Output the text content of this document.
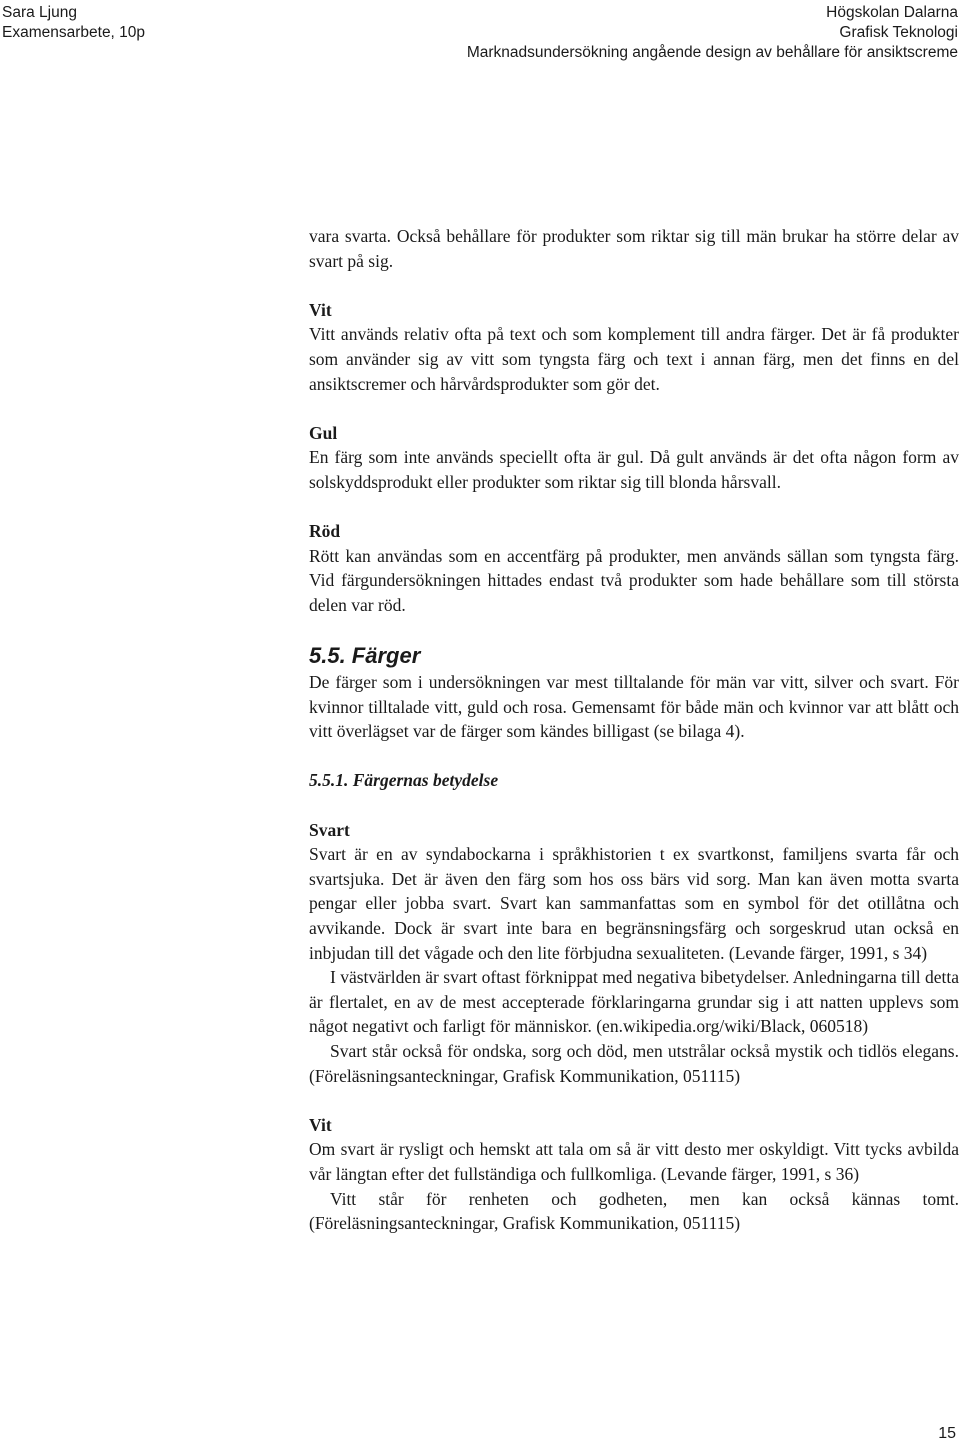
Sara Ljung
Examensarbete, 10p
Högskolan Dalarna
Grafisk Teknologi
Marknadsundersökning angående design av behållare för ansiktscreme

vara svarta. Också behållare för produkter som riktar sig till män brukar ha större delar av svart på sig.

Vit

Vitt används relativ ofta på text och som komplement till andra färger. Det är få produkter som använder sig av vitt som tyngsta färg och text i annan färg, men det finns en del ansiktscremer och hårvårdsprodukter som gör det.

Gul

En färg som inte används speciellt ofta är gul. Då gult används är det ofta någon form av solskyddsprodukt eller produkter som riktar sig till blonda hårsvall.

Röd

Rött kan användas som en accentfärg på produkter, men används sällan som tyngsta färg. Vid färgundersökningen hittades endast två produkter som hade behållare som till största delen var röd.

5.5. Färger

De färger som i undersökningen var mest tilltalande för män var vitt, silver och svart. För kvinnor tilltalade vitt, guld och rosa. Gemensamt för både män och kvinnor var att blått och vitt överlägset var de färger som kändes billigast (se bilaga 4).

5.5.1. Färgernas betydelse

Svart

Svart är en av syndabockarna i språkhistorien t ex svartkonst, familjens svarta får och svartsjuka. Det är även den färg som hos oss bärs vid sorg. Man kan även motta svarta pengar eller jobba svart. Svart kan sammanfattas som en symbol för det otillåtna och avvikande. Dock är svart inte bara en begränsningsfärg och sorgeskrud utan också en inbjudan till det vågade och den lite förbjudna sexualiteten. (Levande färger, 1991, s 34)

I västvärlden är svart oftast förknippat med negativa bibetydelser. Anledningarna till detta är flertalet, en av de mest accepterade förklaringarna grundar sig i att natten upplevs som något negativt och farligt för människor. (en.wikipedia.org/wiki/Black, 060518)

Svart står också för ondska, sorg och död, men utstrålar också mystik och tidlös elegans. (Föreläsningsanteckningar, Grafisk Kommunikation, 051115)

Vit

Om svart är rysligt och hemskt att tala om så är vitt desto mer oskyldigt. Vitt tycks avbilda vår längtan efter det fullständiga och fullkomliga. (Levande färger, 1991, s 36)

Vitt står för renheten och godheten, men kan också kännas tomt. (Föreläsningsanteckningar, Grafisk Kommunikation, 051115)

15
